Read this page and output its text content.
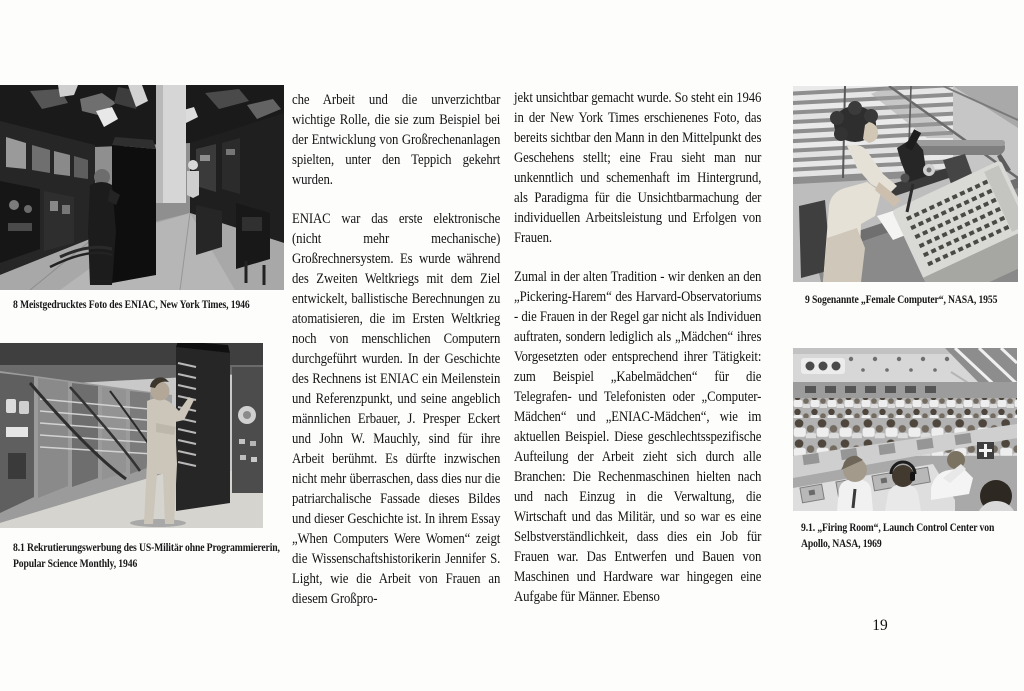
8 Meistgedrucktes Foto des ENIAC, New York Times, 1946
8.1 Rekrutierungswerbung des US-Militär ohne Programmiererin, Popular Science Monthly, 1946
9 Sogenannte „Female Computer“, NASA, 1955
9.1. „Firing Room“, Launch Control Center von Apollo, NASA, 1969

che Arbeit und die unverzichtbar wichtige Rolle, die sie zum Beispiel bei der Entwicklung von Großrechenanlagen spielten, unter den Teppich gekehrt wurden.

ENIAC war das erste elektronische (nicht mehr mechanische) Großrechnersystem. Es wurde während des Zweiten Weltkriegs mit dem Ziel entwickelt, ballistische Berechnungen zu atomatisieren, die im Ersten Weltkrieg noch von menschlichen Computern durchgeführt wurden. In der Geschichte des Rechnens ist ENIAC ein Meilenstein und Referenzpunkt, und seine angeblich männlichen Erbauer, J. Presper Eckert und John W. Mauchly, sind für ihre Arbeit berühmt. Es dürfte inzwischen nicht mehr überraschen, dass dies nur die patriarchalische Fassade dieses Bildes und dieser Geschichte ist. In ihrem Essay „When Computers Were Women“ zeigt die Wissenschaftshistorikerin Jennifer S. Light, wie die Arbeit von Frauen an diesem Großpro-

jekt unsichtbar gemacht wurde. So steht ein 1946 in der New York Times erschienenes Foto, das bereits sichtbar den Mann in den Mittelpunkt des Geschehens stellt; eine Frau sieht man nur unkenntlich und schemenhaft im Hintergrund, als Paradigma für die Unsichtbarmachung der individuellen Arbeitsleistung und Erfolgen von Frauen.

Zumal in der alten Tradition - wir denken an den „Pickering-Harem“ des Harvard-Observatoriums - die Frauen in der Regel gar nicht als Individuen auftraten, sondern lediglich als „Mädchen“ ihres Vorgesetzten oder entsprechend ihrer Tätigkeit: zum Beispiel „Kabelmädchen“ für die Telegrafen- und Telefonisten oder „Computer-Mädchen“ und „ENIAC-Mädchen“, wie im aktuellen Beispiel. Diese geschlechtsspezifische Aufteilung der Arbeit zieht sich durch alle Branchen: Die Rechenmaschinen hielten nach und nach Einzug in die Verwaltung, die Wirtschaft und das Militär, und so war es eine Selbstverständlichkeit, dass dies ein Job für Frauen war. Das Entwerfen und Bauen von Maschinen und Hardware war hingegen eine Aufgabe für Männer. Ebenso

19
